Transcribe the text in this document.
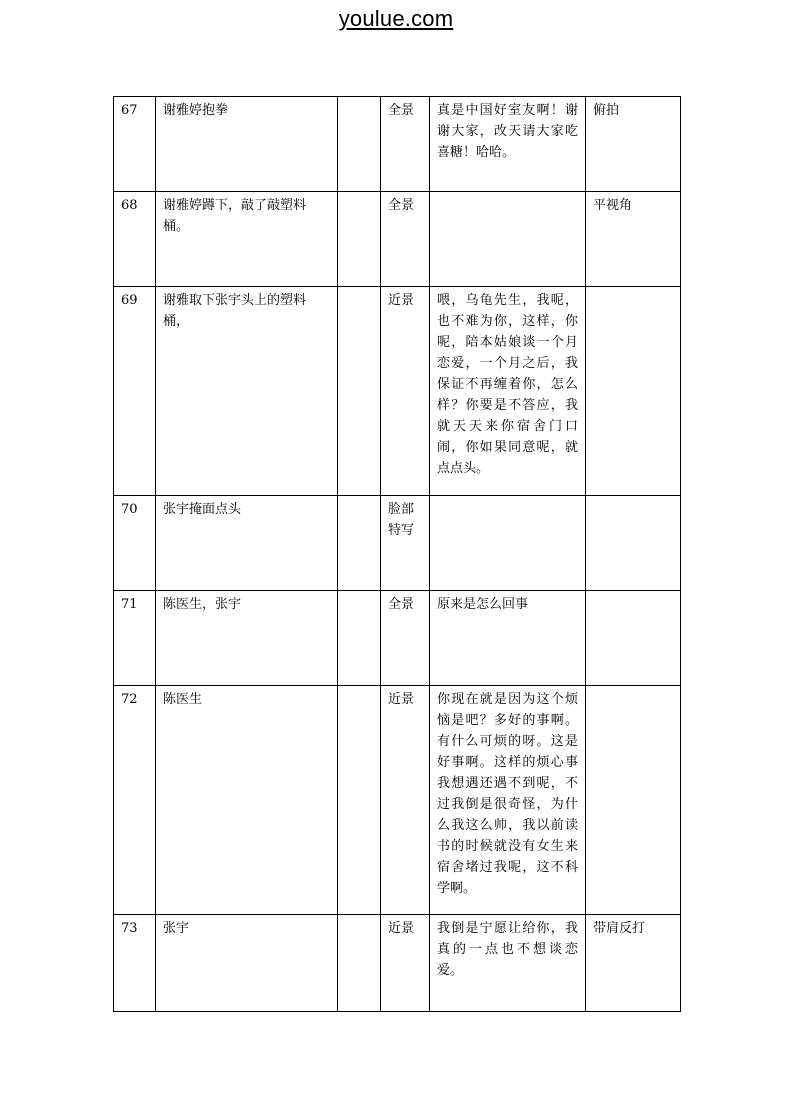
youlue.com
67	谢雅婷抱拳		全景	真是中国好室友啊！谢谢大家，改天请大家吃喜糖！哈哈。	俯拍
68	谢雅婷蹲下，敲了敲塑料桶。		全景		平视角
69	谢雅取下张宇头上的塑料桶，		近景	喂，乌龟先生，我呢，也不难为你，这样，你呢，陪本姑娘谈一个月恋爱，一个月之后，我保证不再缠着你，怎么样？你要是不答应，我就天天来你宿舍门口闹，你如果同意呢，就点点头。	
70	张宇掩面点头		脸部特写		
71	陈医生，张宇		全景	原来是怎么回事	
72	陈医生		近景	你现在就是因为这个烦恼是吧？多好的事啊。有什么可烦的呀。这是好事啊。这样的烦心事我想遇还遇不到呢，不过我倒是很奇怪，为什么我这么帅，我以前读书的时候就没有女生来宿舍堵过我呢，这不科学啊。	
73	张宇		近景	我倒是宁愿让给你，我真的一点也不想谈恋爱。	带肩反打
